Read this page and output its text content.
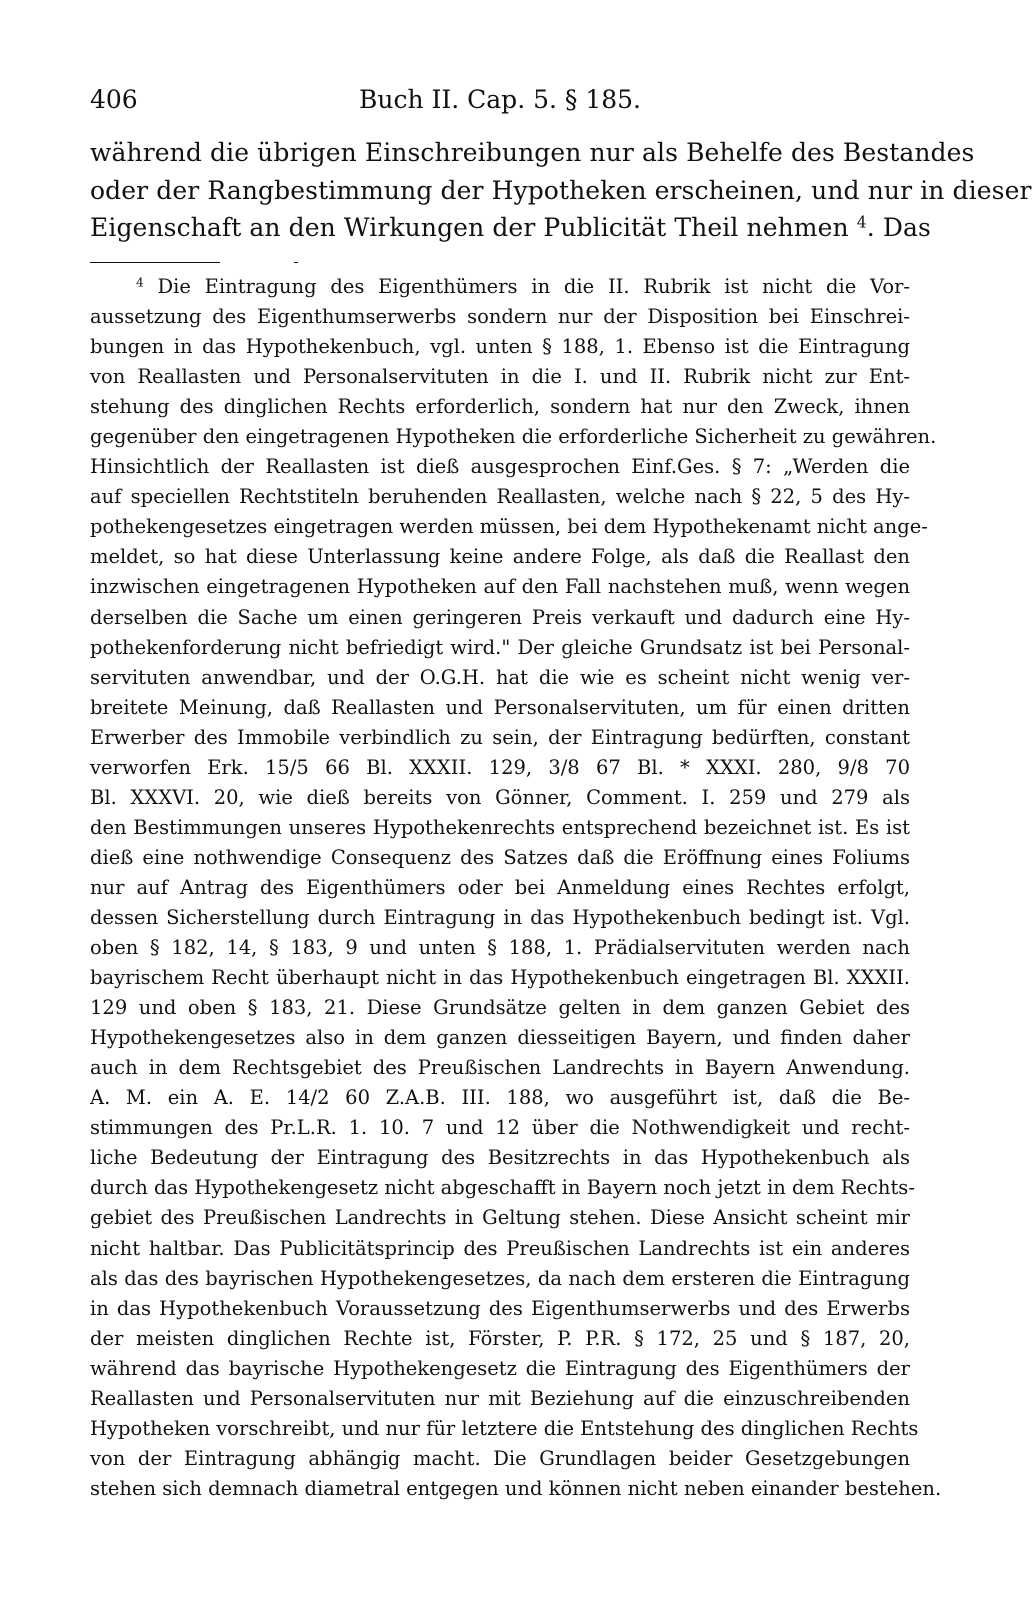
406	Buch II. Cap. 5. § 185.
während die übrigen Einschreibungen nur als Behelfe des Bestandes
oder der Rangbestimmung der Hypotheken erscheinen, und nur in dieser
Eigenschaft an den Wirkungen der Publicität Theil nehmen $^4$. Das
$^4$ Die Eintragung des Eigenthümers in die II. Rubrik ist nicht die Vor-
aussetzung des Eigenthumserwerbs sondern nur der Disposition bei Einschrei-
bungen in das Hypothekenbuch, vgl. unten § 188, 1. Ebenso ist die Eintragung
von Reallasten und Personalservituten in die I. und II. Rubrik nicht zur Ent-
stehung des dinglichen Rechts erforderlich, sondern hat nur den Zweck, ihnen
gegenüber den eingetragenen Hypotheken die erforderliche Sicherheit zu gewähren.
Hinsichtlich der Reallasten ist dieß ausgesprochen Einf.Ges. § 7: „Werden die
auf speciellen Rechtstiteln beruhenden Reallasten, welche nach § 22, 5 des Hy-
pothekengesetzes eingetragen werden müssen, bei dem Hypothekenamt nicht ange-
meldet, so hat diese Unterlassung keine andere Folge, als daß die Reallast den
inzwischen eingetragenen Hypotheken auf den Fall nachstehen muß, wenn wegen
derselben die Sache um einen geringeren Preis verkauft und dadurch eine Hy-
pothekenforderung nicht befriedigt wird." Der gleiche Grundsatz ist bei Personal-
servituten anwendbar, und der O.G.H. hat die wie es scheint nicht wenig ver-
breitete Meinung, daß Reallasten und Personalservituten, um für einen dritten
Erwerber des Immobile verbindlich zu sein, der Eintragung bedürften, constant
verworfen Erk. 15/5 66 Bl. XXXII. 129, 3/8 67 Bl. * XXXI. 280, 9/8 70
Bl. XXXVI. 20, wie dieß bereits von Gönner, Comment. I. 259 und 279 als
den Bestimmungen unseres Hypothekenrechts entsprechend bezeichnet ist. Es ist
dieß eine nothwendige Consequenz des Satzes daß die Eröffnung eines Foliums
nur auf Antrag des Eigenthümers oder bei Anmeldung eines Rechtes erfolgt,
dessen Sicherstellung durch Eintragung in das Hypothekenbuch bedingt ist. Vgl.
oben § 182, 14, § 183, 9 und unten § 188, 1. Prädialservituten werden nach
bayrischem Recht überhaupt nicht in das Hypothekenbuch eingetragen Bl. XXXII.
129 und oben § 183, 21. Diese Grundsätze gelten in dem ganzen Gebiet des
Hypothekengesetzes also in dem ganzen diesseitigen Bayern, und finden daher
auch in dem Rechtsgebiet des Preußischen Landrechts in Bayern Anwendung.
A. M. ein A. E. 14/2 60 Z.A.B. III. 188, wo ausgeführt ist, daß die Be-
stimmungen des Pr.L.R. 1. 10. 7 und 12 über die Nothwendigkeit und recht-
liche Bedeutung der Eintragung des Besitzrechts in das Hypothekenbuch als
durch das Hypothekengesetz nicht abgeschafft in Bayern noch jetzt in dem Rechts-
gebiet des Preußischen Landrechts in Geltung stehen. Diese Ansicht scheint mir
nicht haltbar. Das Publicitätsprincip des Preußischen Landrechts ist ein anderes
als das des bayrischen Hypothekengesetzes, da nach dem ersteren die Eintragung
in das Hypothekenbuch Voraussetzung des Eigenthumserwerbs und des Erwerbs
der meisten dinglichen Rechte ist, Förster, P. P.R. § 172, 25 und § 187, 20,
während das bayrische Hypothekengesetz die Eintragung des Eigenthümers der
Reallasten und Personalservituten nur mit Beziehung auf die einzuschreibenden
Hypotheken vorschreibt, und nur für letztere die Entstehung des dinglichen Rechts
von der Eintragung abhängig macht. Die Grundlagen beider Gesetzgebungen
stehen sich demnach diametral entgegen und können nicht neben einander bestehen.
